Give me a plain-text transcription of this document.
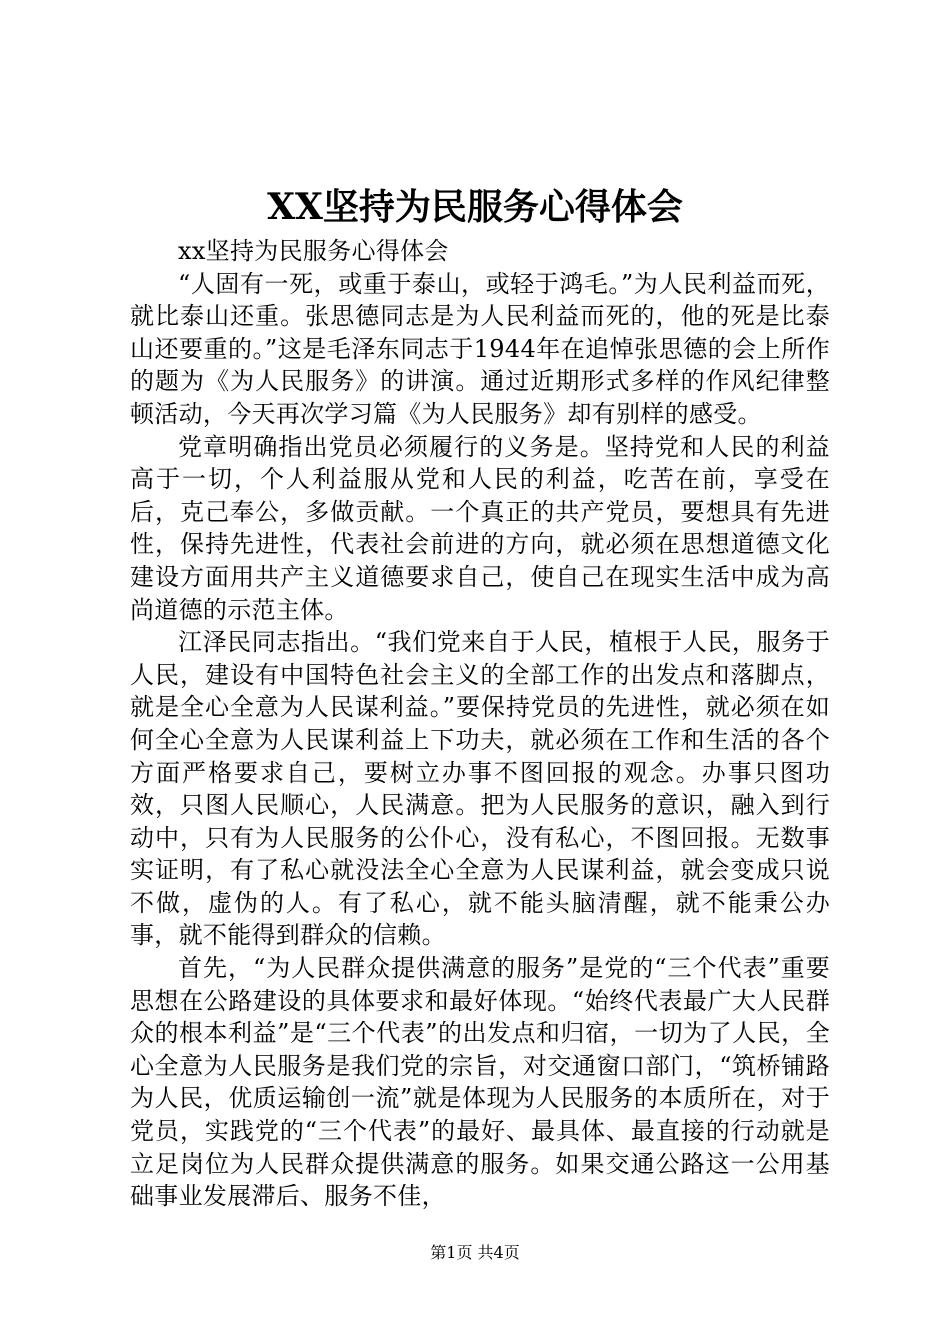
XX坚持为民服务心得体会

xx坚持为民服务心得体会

“人固有一死，或重于泰山，或轻于鸿毛。”为人民利益而死，就比泰山还重。张思德同志是为人民利益而死的，他的死是比泰山还要重的。”这是毛泽东同志于1944年在追悼张思德的会上所作的题为《为人民服务》的讲演。通过近期形式多样的作风纪律整顿活动，今天再次学习篇《为人民服务》却有别样的感受。

党章明确指出党员必须履行的义务是。坚持党和人民的利益高于一切，个人利益服从党和人民的利益，吃苦在前，享受在后，克己奉公，多做贡献。一个真正的共产党员，要想具有先进性，保持先进性，代表社会前进的方向，就必须在思想道德文化建设方面用共产主义道德要求自己，使自己在现实生活中成为高尚道德的示范主体。

江泽民同志指出。“我们党来自于人民，植根于人民，服务于人民，建设有中国特色社会主义的全部工作的出发点和落脚点，就是全心全意为人民谋利益。”要保持党员的先进性，就必须在如何全心全意为人民谋利益上下功夫，就必须在工作和生活的各个方面严格要求自己，要树立办事不图回报的观念。办事只图功效，只图人民顺心，人民满意。把为人民服务的意识，融入到行动中，只有为人民服务的公仆心，没有私心，不图回报。无数事实证明，有了私心就没法全心全意为人民谋利益，就会变成只说不做，虚伪的人。有了私心，就不能头脑清醒，就不能秉公办事，就不能得到群众的信赖。

首先，“为人民群众提供满意的服务”是党的“三个代表”重要思想在公路建设的具体要求和最好体现。“始终代表最广大人民群众的根本利益”是“三个代表”的出发点和归宿，一切为了人民，全心全意为人民服务是我们党的宗旨，对交通窗口部门，“筑桥铺路为人民，优质运输创一流”就是体现为人民服务的本质所在，对于党员，实践党的“三个代表”的最好、最具体、最直接的行动就是立足岗位为人民群众提供满意的服务。如果交通公路这一公用基础事业发展滞后、服务不佳，

第1页 共4页
